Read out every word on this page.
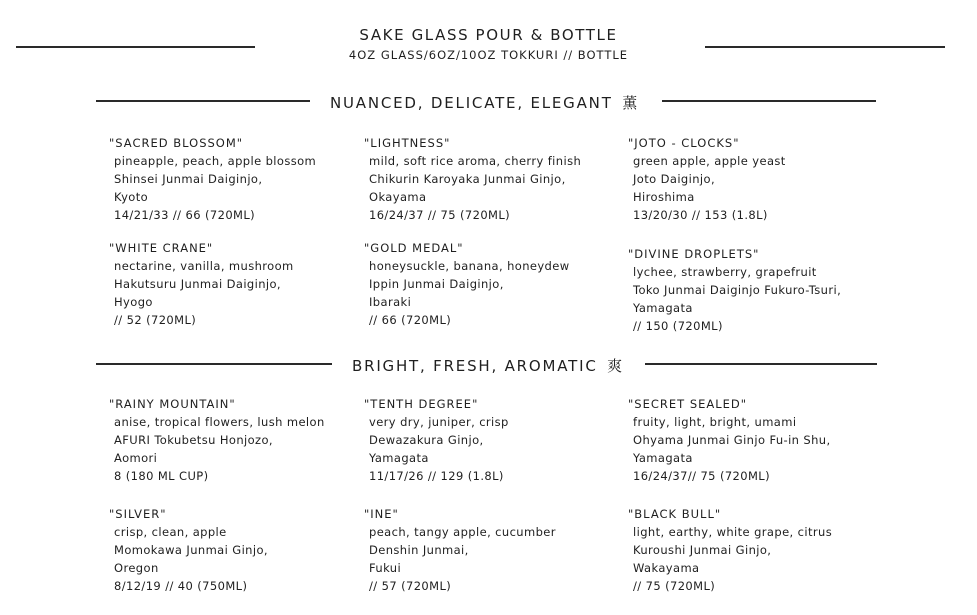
SAKE GLASS POUR & BOTTLE
4OZ GLASS/6OZ/10OZ TOKKURI // BOTTLE
NUANCED, DELICATE, ELEGANT 薫
"SACRED BLOSSOM"
pineapple, peach, apple blossom
Shinsei Junmai Daiginjo,
Kyoto
14/21/33 // 66 (720ML)
"LIGHTNESS"
mild, soft rice aroma, cherry finish
Chikurin Karoyaka Junmai Ginjo,
Okayama
16/24/37 // 75 (720ML)
"JOTO - CLOCKS"
green apple, apple yeast
Joto Daiginjo,
Hiroshima
13/20/30 // 153 (1.8L)
"WHITE CRANE"
nectarine, vanilla, mushroom
Hakutsuru Junmai Daiginjo,
Hyogo
// 52 (720ML)
"GOLD MEDAL"
honeysuckle, banana, honeydew
Ippin Junmai Daiginjo,
Ibaraki
// 66 (720ML)
"DIVINE DROPLETS"
lychee, strawberry, grapefruit
Toko Junmai Daiginjo Fukuro-Tsuri,
Yamagata
// 150 (720ML)
BRIGHT, FRESH, AROMATIC 爽
"RAINY MOUNTAIN"
anise, tropical flowers, lush melon
AFURI Tokubetsu Honjozo,
Aomori
8 (180 ML CUP)
"TENTH DEGREE"
very dry, juniper, crisp
Dewazakura Ginjo,
Yamagata
11/17/26 // 129 (1.8L)
"SECRET SEALED"
fruity, light, bright, umami
Ohyama Junmai Ginjo Fu-in Shu,
Yamagata
16/24/37// 75 (720ML)
"SILVER"
crisp, clean, apple
Momokawa Junmai Ginjo,
Oregon
8/12/19 // 40 (750ML)
"INE"
peach, tangy apple, cucumber
Denshin Junmai,
Fukui
// 57 (720ML)
"BLACK BULL"
light, earthy, white grape, citrus
Kuroushi Junmai Ginjo,
Wakayama
// 75 (720ML)
